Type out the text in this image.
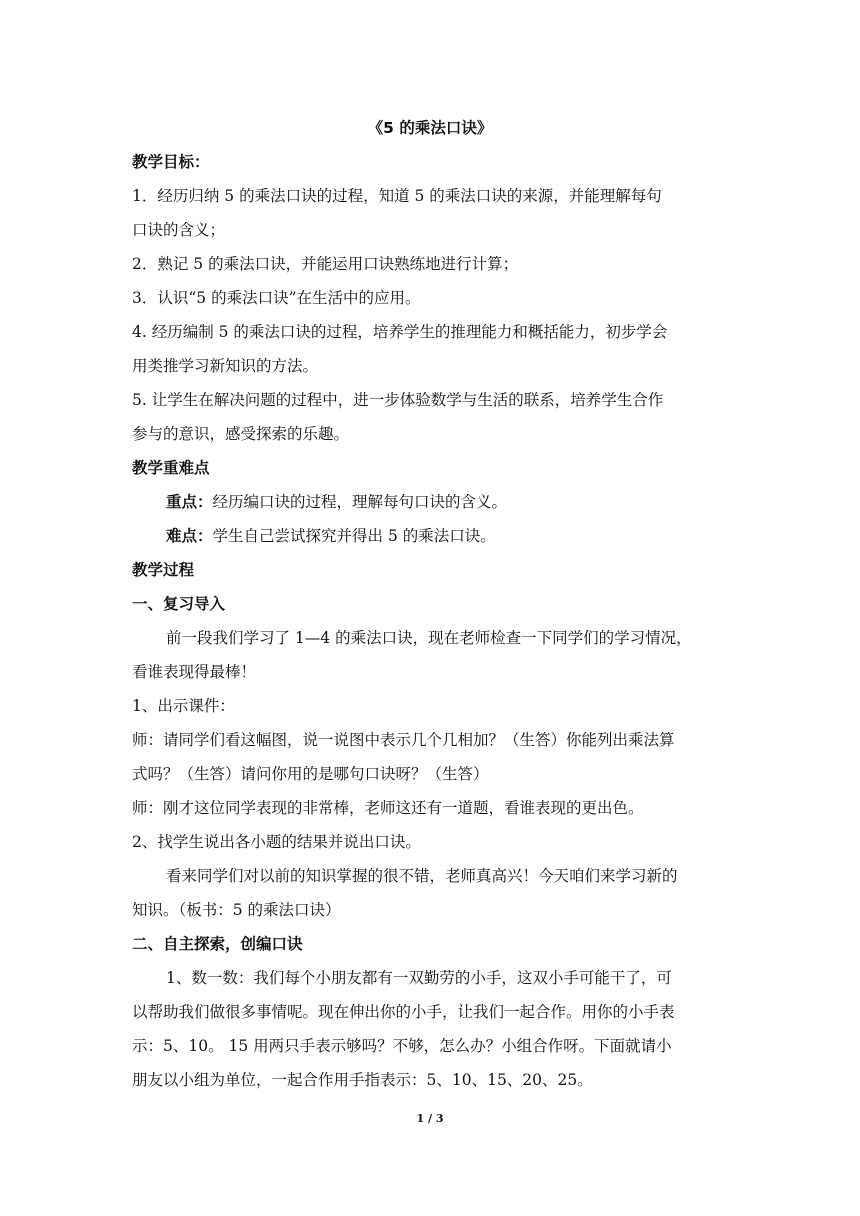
《5 的乘法口诀》
教学目标：
1．经历归纳 5 的乘法口诀的过程，知道 5 的乘法口诀的来源，并能理解每句
口诀的含义；
2．熟记 5 的乘法口诀，并能运用口诀熟练地进行计算；
3．认识“5 的乘法口诀”在生活中的应用。
4. 经历编制 5 的乘法口诀的过程，培养学生的推理能力和概括能力，初步学会
用类推学习新知识的方法。
5. 让学生在解决问题的过程中，进一步体验数学与生活的联系，培养学生合作
参与的意识，感受探索的乐趣。
教学重难点
重点：经历编口诀的过程，理解每句口诀的含义。
难点：学生自己尝试探究并得出 5 的乘法口诀。
教学过程
一、复习导入
前一段我们学习了 1—4 的乘法口诀，现在老师检查一下同学们的学习情况，
看谁表现得最棒！
1、出示课件：
师：请同学们看这幅图，说一说图中表示几个几相加？（生答）你能列出乘法算
式吗？（生答）请问你用的是哪句口诀呀？（生答）
师：刚才这位同学表现的非常棒，老师这还有一道题，看谁表现的更出色。
2、找学生说出各小题的结果并说出口诀。
看来同学们对以前的知识掌握的很不错，老师真高兴！今天咱们来学习新的
知识。（板书：5 的乘法口诀）
二、自主探索，创编口诀
1、数一数：我们每个小朋友都有一双勤劳的小手，这双小手可能干了，可
以帮助我们做很多事情呢。现在伸出你的小手，让我们一起合作。用你的小手表
示：5、10。 15 用两只手表示够吗？不够，怎么办？小组合作呀。下面就请小
朋友以小组为单位，一起合作用手指表示：5、10、15、20、25。
1 / 3
